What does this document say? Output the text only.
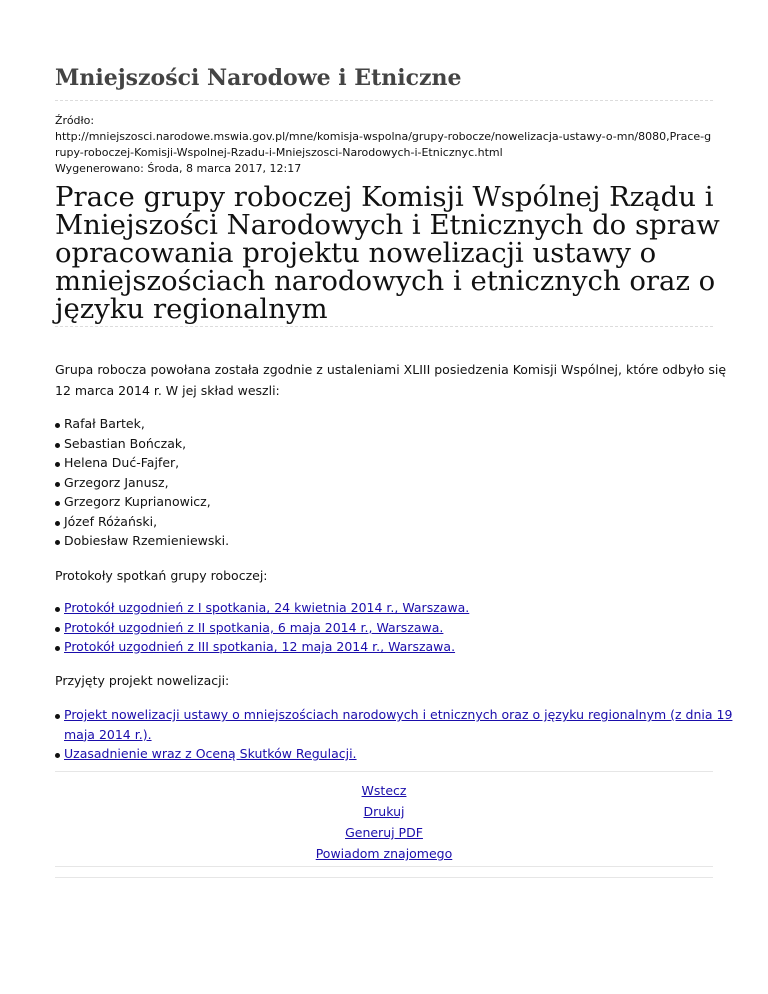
Mniejszości Narodowe i Etniczne
Źródło:
http://mniejszosci.narodowe.mswia.gov.pl/mne/komisja-wspolna/grupy-robocze/nowelizacja-ustawy-o-mn/8080,Prace-g
rupy-roboczej-Komisji-Wspolnej-Rzadu-i-Mniejszosci-Narodowych-i-Etnicznyc.html
Wygenerowano: Środa, 8 marca 2017, 12:17
Prace grupy roboczej Komisji Wspólnej Rządu i
Mniejszości Narodowych i Etnicznych do spraw
opracowania projektu nowelizacji ustawy o
mniejszościach narodowych i etnicznych oraz o
języku regionalnym
Grupa robocza powołana została zgodnie z ustaleniami XLIII posiedzenia Komisji Wspólnej, które odbyło się
12 marca 2014 r. W jej skład weszli:
Rafał Bartek,
Sebastian Bończak,
Helena Duć-Fajfer,
Grzegorz Janusz,
Grzegorz Kuprianowicz,
Józef Różański,
Dobiesław Rzemieniewski.
Protokoły spotkań grupy roboczej:
Protokół uzgodnień z I spotkania, 24 kwietnia 2014 r., Warszawa.
Protokół uzgodnień z II spotkania, 6 maja 2014 r., Warszawa.
Protokół uzgodnień z III spotkania, 12 maja 2014 r., Warszawa.
Przyjęty projekt nowelizacji:
Projekt nowelizacji ustawy o mniejszościach narodowych i etnicznych oraz o języku regionalnym (z dnia 19
maja 2014 r.).
Uzasadnienie wraz z Oceną Skutków Regulacji.
Wstecz
Drukuj
Generuj PDF
Powiadom znajomego
